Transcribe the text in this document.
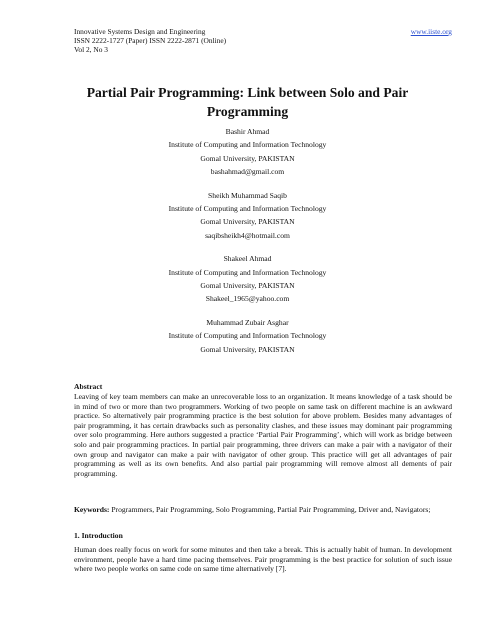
Innovative Systems Design and Engineering
ISSN 2222-1727 (Paper) ISSN 2222-2871 (Online)
Vol 2, No 3
www.iiste.org
Partial Pair Programming: Link between Solo and Pair Programming
Bashir Ahmad
Institute of Computing and Information Technology
Gomal University, PAKISTAN
bashahmad@gmail.com
Sheikh Muhammad Saqib
Institute of Computing and Information Technology
Gomal University, PAKISTAN
saqibsheikh4@hotmail.com
Shakeel Ahmad
Institute of Computing and Information Technology
Gomal University, PAKISTAN
Shakeel_1965@yahoo.com
Muhammad Zubair Asghar
Institute of Computing and Information Technology
Gomal University, PAKISTAN
Abstract
Leaving of key team members can make an unrecoverable loss to an organization. It means knowledge of a task should be in mind of two or more than two programmers. Working of two people on same task on different machine is an awkward practice. So alternatively pair programming practice is the best solution for above problem. Besides many advantages of pair programming, it has certain drawbacks such as personality clashes, and these issues may dominant pair programming over solo programming. Here authors suggested a practice ‘Partial Pair Programming’, which will work as bridge between solo and pair programming practices. In partial pair programming, three drivers can make a pair with a navigator of their own group and navigator can make a pair with navigator of other group. This practice will get all advantages of pair programming as well as its own benefits. And also partial pair programming will remove almost all dements of pair programming.
Keywords: Programmers, Pair Programming, Solo Programming, Partial Pair Programming, Driver and, Navigators;
1. Introduction
Human does really focus on work for some minutes and then take a break. This is actually habit of human. In development environment, people have a hard time pacing themselves. Pair programming is the best practice for solution of such issue where two people works on same code on same time alternatively [7].
